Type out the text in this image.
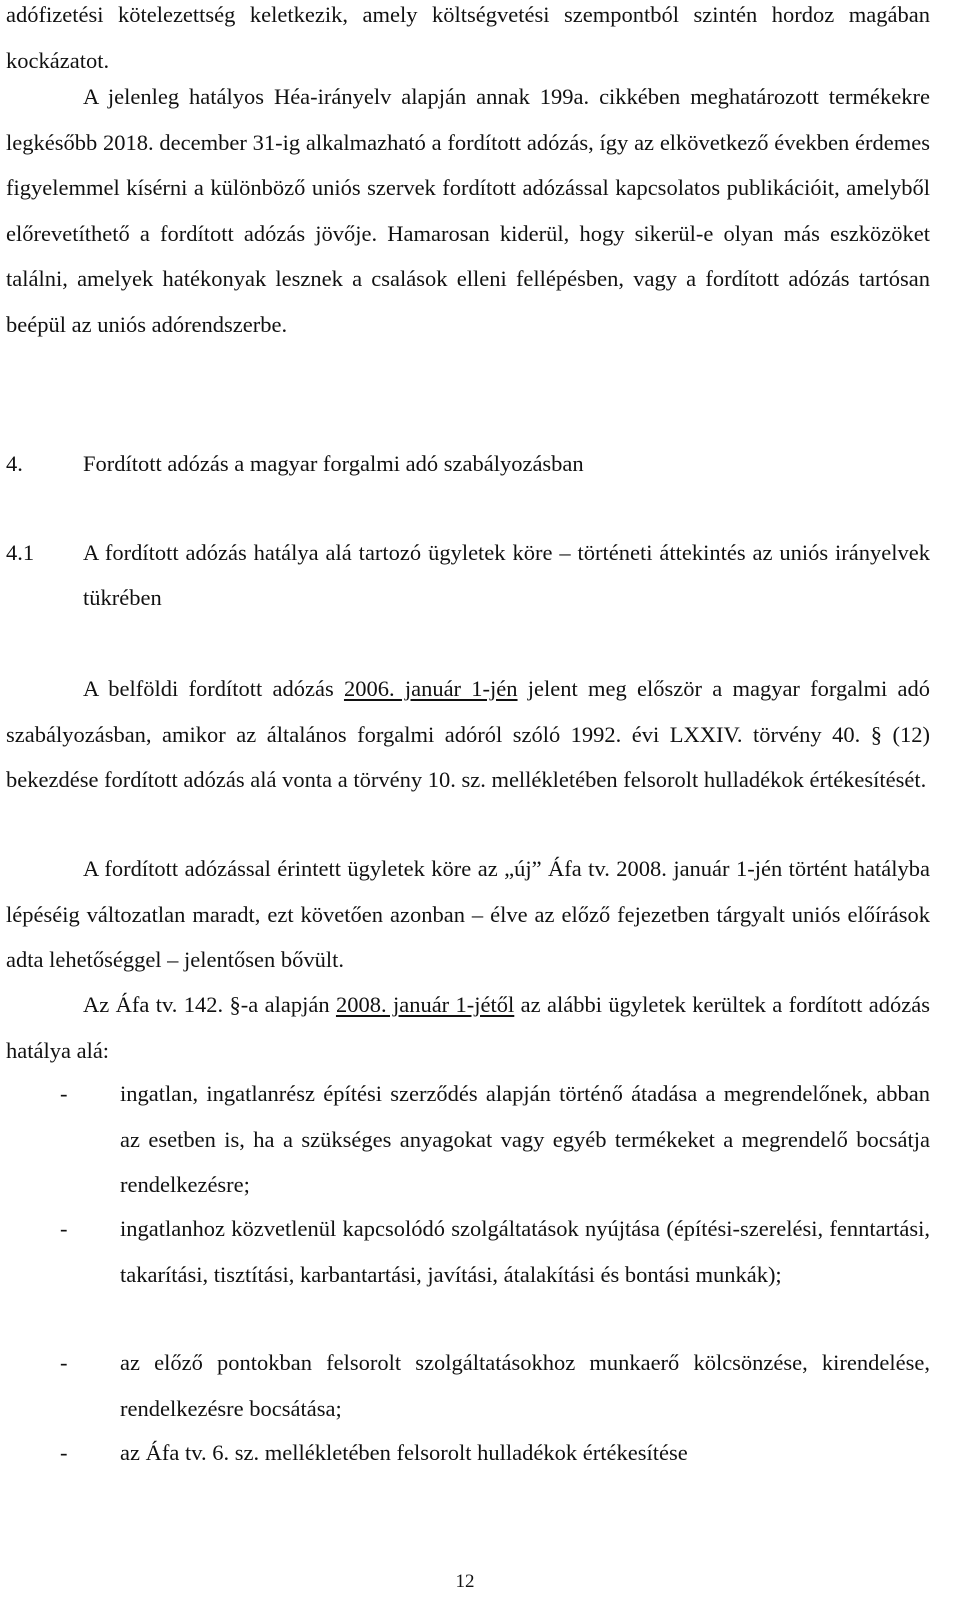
adófizetési kötelezettség keletkezik, amely költségvetési szempontból szintén hordoz magában kockázatot.

A jelenleg hatályos Héa-irányelv alapján annak 199a. cikkében meghatározott termékekre legkésőbb 2018. december 31-ig alkalmazható a fordított adózás, így az elkövetkező években érdemes figyelemmel kísérni a különböző uniós szervek fordított adózással kapcsolatos publikációit, amelyből előrevetíthető a fordított adózás jövője. Hamarosan kiderül, hogy sikerül-e olyan más eszközöket találni, amelyek hatékonyak lesznek a csalások elleni fellépésben, vagy a fordított adózás tartósan beépül az uniós adórendszerbe.

4.	Fordított adózás a magyar forgalmi adó szabályozásban
4.1 A fordított adózás hatálya alá tartozó ügyletek köre – történeti áttekintés az uniós irányelvek tükrében

A belföldi fordított adózás 2006. január 1-jén jelent meg először a magyar forgalmi adó szabályozásban, amikor az általános forgalmi adóról szóló 1992. évi LXXIV. törvény 40. § (12) bekezdése fordított adózás alá vonta a törvény 10. sz. mellékletében felsorolt hulladékok értékesítését.

A fordított adózással érintett ügyletek köre az „új” Áfa tv. 2008. január 1-jén történt hatályba lépéséig változatlan maradt, ezt követően azonban – élve az előző fejezetben tárgyalt uniós előírások adta lehetőséggel – jelentősen bővült.

Az Áfa tv. 142. §-a alapján 2008. január 1-jétől az alábbi ügyletek kerültek a fordított adózás hatálya alá:

- ingatlan, ingatlanrész építési szerződés alapján történő átadása a megrendelőnek, abban az esetben is, ha a szükséges anyagokat vagy egyéb termékeket a megrendelő bocsátja rendelkezésre;
- ingatlanhoz közvetlenül kapcsolódó szolgáltatások nyújtása (építési-szerelési, fenntartási, takarítási, tisztítási, karbantartási, javítási, átalakítási és bontási munkák);
- az előző pontokban felsorolt szolgáltatásokhoz munkaerő kölcsönzése, kirendelése, rendelkezésre bocsátása;
- az Áfa tv. 6. sz. mellékletében felsorolt hulladékok értékesítése
12
